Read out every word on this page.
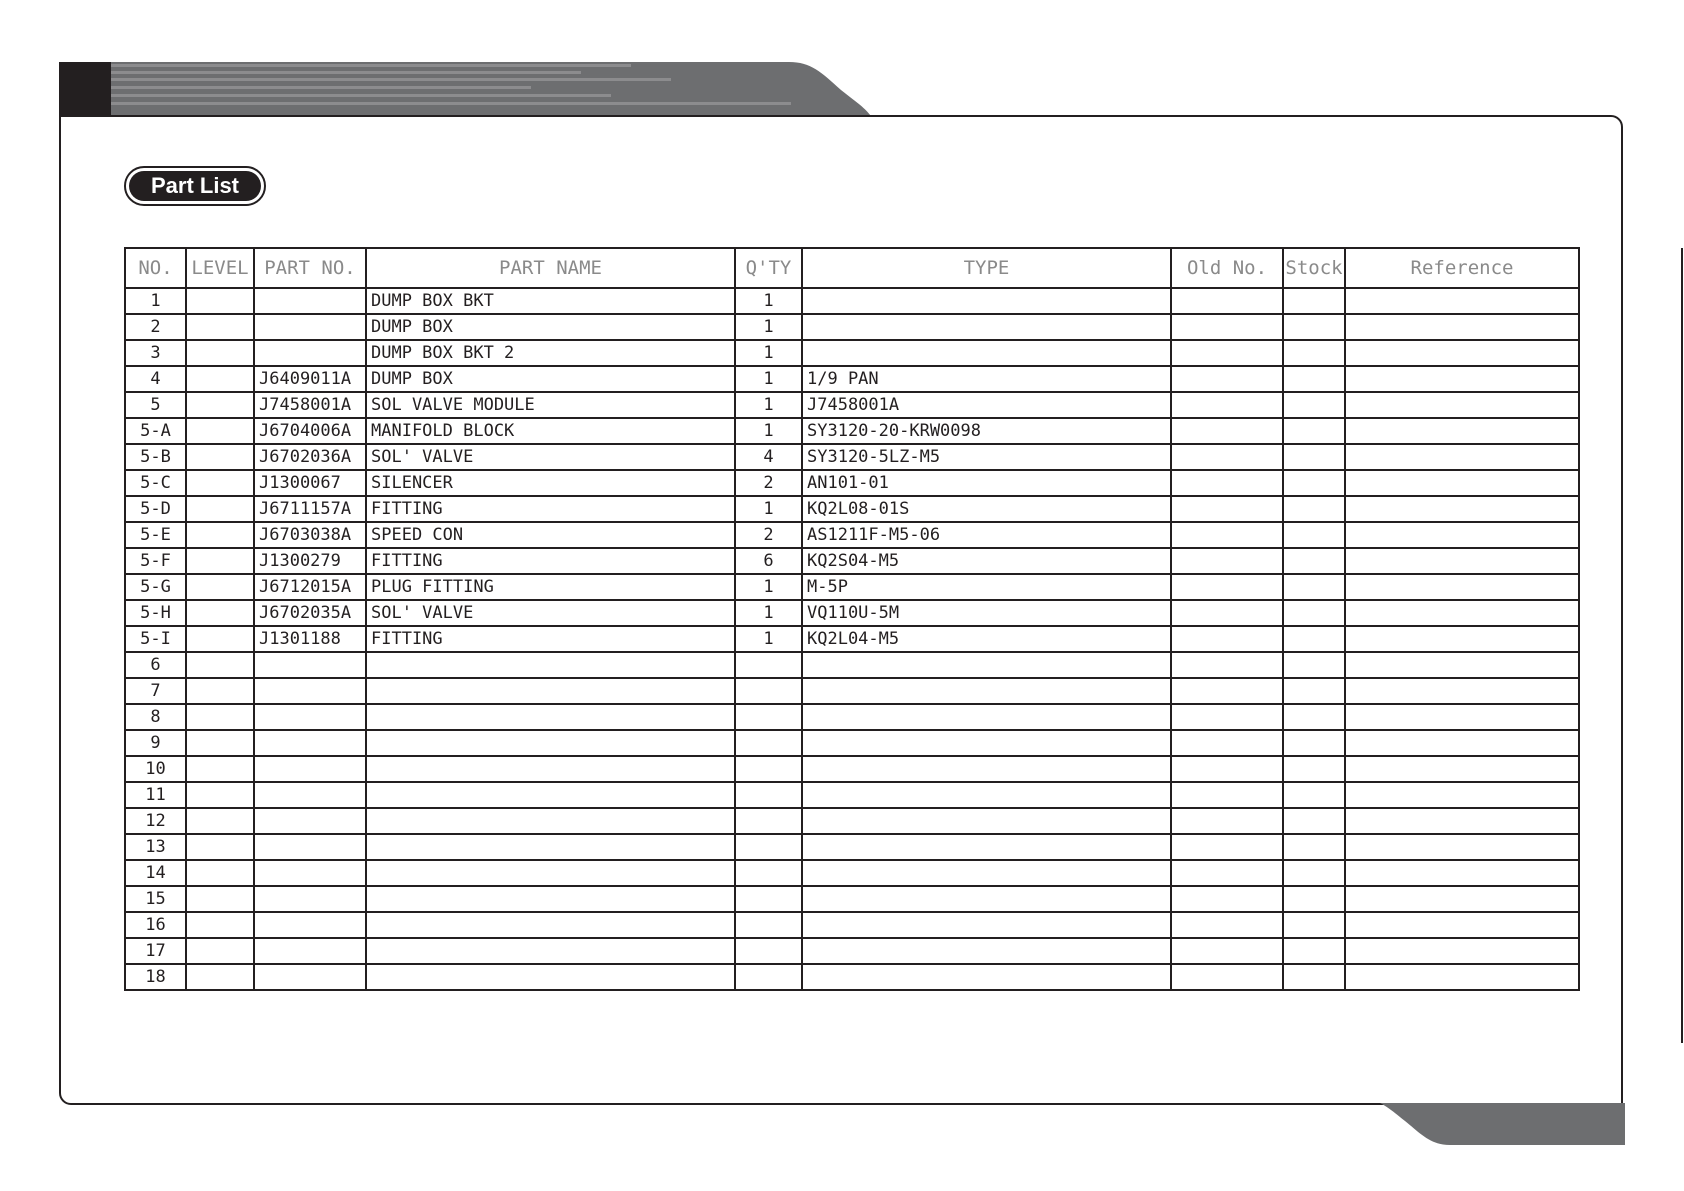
Part List
NO.	LEVEL	PART NO.	PART NAME	Q'TY	TYPE	Old No.	Stock	Reference
1			DUMP BOX BKT	1				
2			DUMP BOX	1				
3			DUMP BOX BKT 2	1				
4		J6409011A	DUMP BOX	1	1/9 PAN			
5		J7458001A	SOL VALVE MODULE	1	J7458001A			
5-A		J6704006A	MANIFOLD BLOCK	1	SY3120-20-KRW0098			
5-B		J6702036A	SOL' VALVE	4	SY3120-5LZ-M5			
5-C		J1300067	SILENCER	2	AN101-01			
5-D		J6711157A	FITTING	1	KQ2L08-01S			
5-E		J6703038A	SPEED CON	2	AS1211F-M5-06			
5-F		J1300279	FITTING	6	KQ2S04-M5			
5-G		J6712015A	PLUG FITTING	1	M-5P			
5-H		J6702035A	SOL' VALVE	1	VQ110U-5M			
5-I		J1301188	FITTING	1	KQ2L04-M5			
6								
7								
8								
9								
10								
11								
12								
13								
14								
15								
16								
17								
18								
